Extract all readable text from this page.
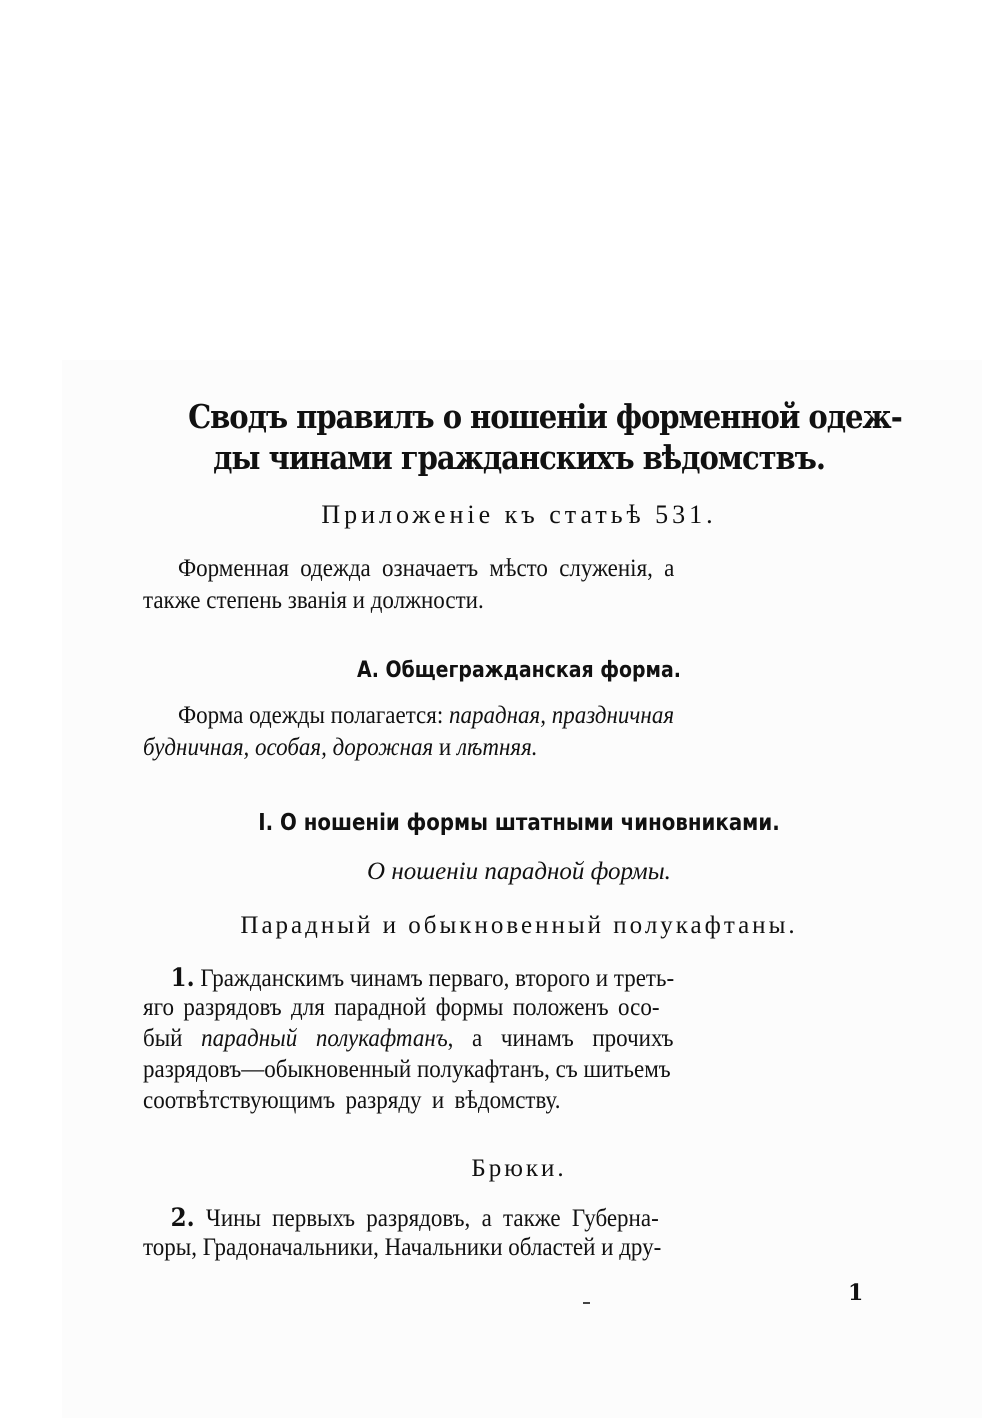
Сводъ правилъ о ношеніи форменной одеж-
ды чинами гражданскихъ вѣдомствъ.
Приложеніе къ статьѣ 531.
Форменная одежда означаетъ мѣсто служенія, а
также степень званія и должности.
А. Общегражданская форма.
Форма одежды полагается: парадная, праздничная
будничная, особая, дорожная и лѣтняя.
I. О ношеніи формы штатными чиновниками.
О ношеніи парадной формы.
Парадный и обыкновенный полукафтаны.
1. Гражданскимъ чинамъ перваго, второго и треть-
яго разрядовъ для парадной формы положенъ осо-
бый парадный полукафтанъ, а чинамъ прочихъ
разрядовъ—обыкновенный полукафтанъ, съ шитьемъ
соотвѣтствующимъ разряду и вѣдомству.
Брюки.
2. Чины первыхъ разрядовъ, а также Губерна-
торы, Градоначальники, Начальники областей и дру-
1
